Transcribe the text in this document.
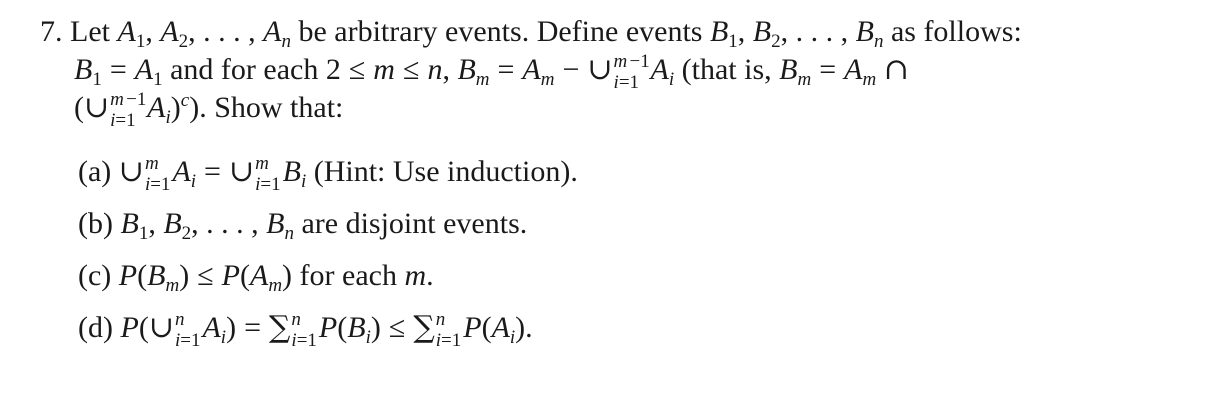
7. Let $A_1$, $A_2$, . . . , $A_n$ be arbitrary events. Define events $B_1$, $B_2$, . . . , $B_n$ as follows:
$B_1 = A_1$ and for each 2 ≤ m ≤ n, $B_m = A_m$ − ∪ m −1
i=1 $A_i$ (that is, $B_m = A_m$ ∩
(∪ m −1
i=1 $A_i)^c$). Show that:
(a) ∪ m
i=1 $A_i$ = ∪ m
i=1 $B_i$ (Hint: Use induction).
(b) $B_1$, $B_2$, . . . , $B_n$ are disjoint events.
(c) $P(B_m) \le P(A_m)$ for each m.
(d) P(∪ n
i=1 $A_i$) = ∑ n
i=1 $P(B_i)$ ≤ ∑ n
i=1 $P(A_i)$.
